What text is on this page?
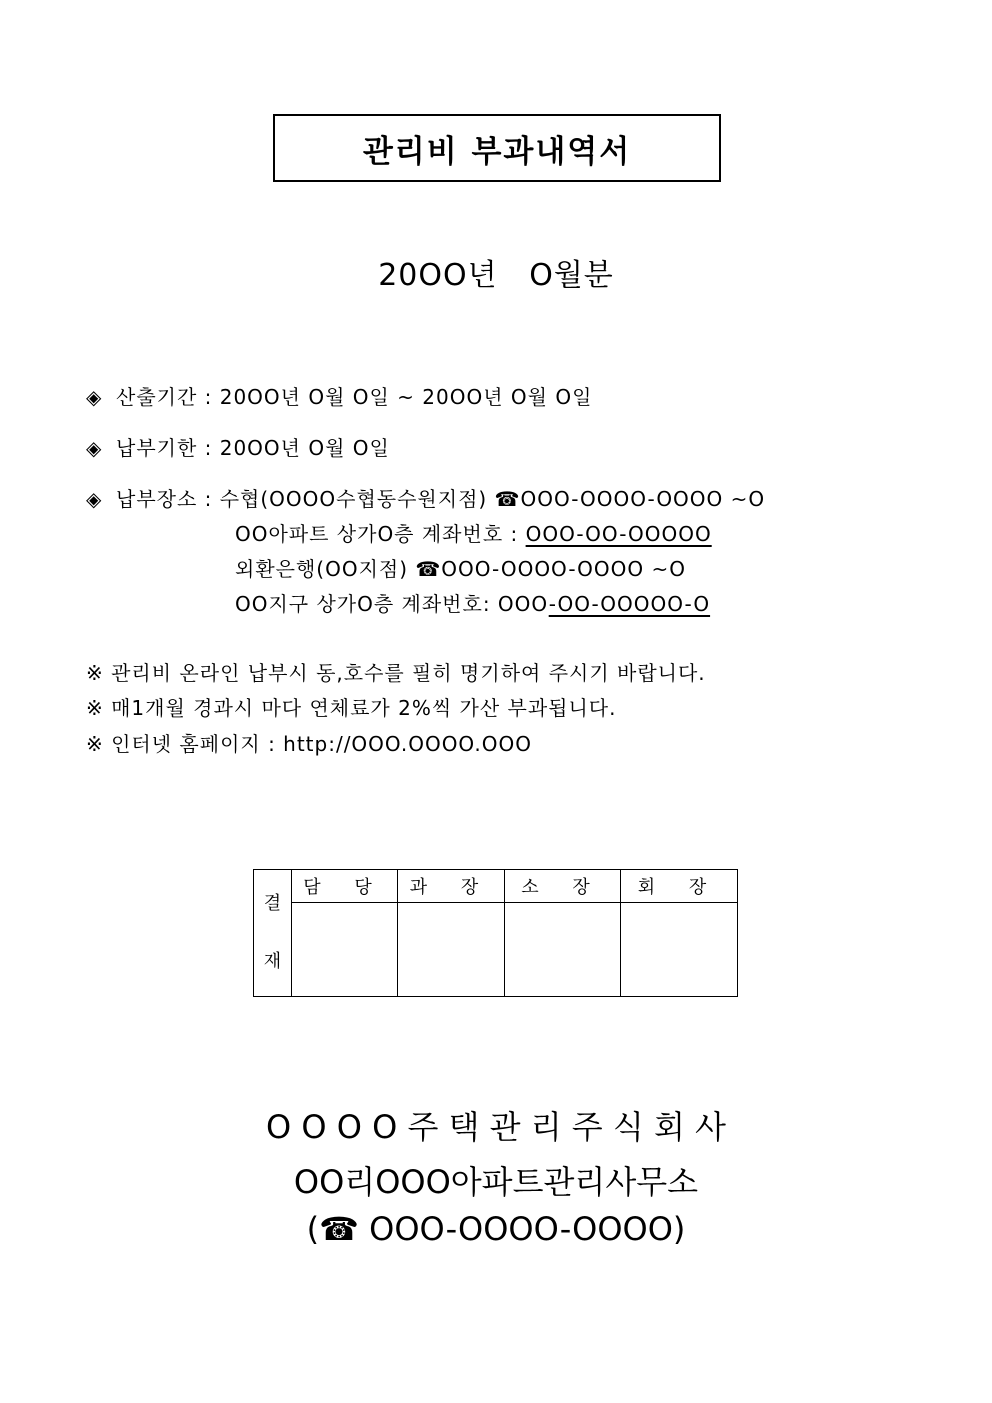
관리비 부과내역서
20OO년   O월분
◈ 산출기간 : 20OO년 O월 O일 ~ 20OO년 O월 O일
◈ 납부기한 : 20OO년 O월 O일
◈ 납부장소 : 수협(OOOO수협동수원지점) ☎OOO-OOOO-OOOO ~O
OO아파트 상가O층 계좌번호 : OOO-OO-OOOOO
외환은행(OO지점) ☎OOO-OOOO-OOOO ~O
OO지구 상가O층 계좌번호: OOO-OO-OOOOO-O
※ 관리비 온라인 납부시 동,호수를 필히 명기하여 주시기 바랍니다.
※ 매1개월 경과시 마다 연체료가 2%씩 가산 부과됩니다.
※ 인터넷 홈페이지 : http://OOO.OOOO.OOO
결
재	담 당	과 장	소 장	회 장

O O O O 주 택 관 리 주 식 회 사
OO리OOO아파트관리사무소
(☎ OOO-OOOO-OOOO)
